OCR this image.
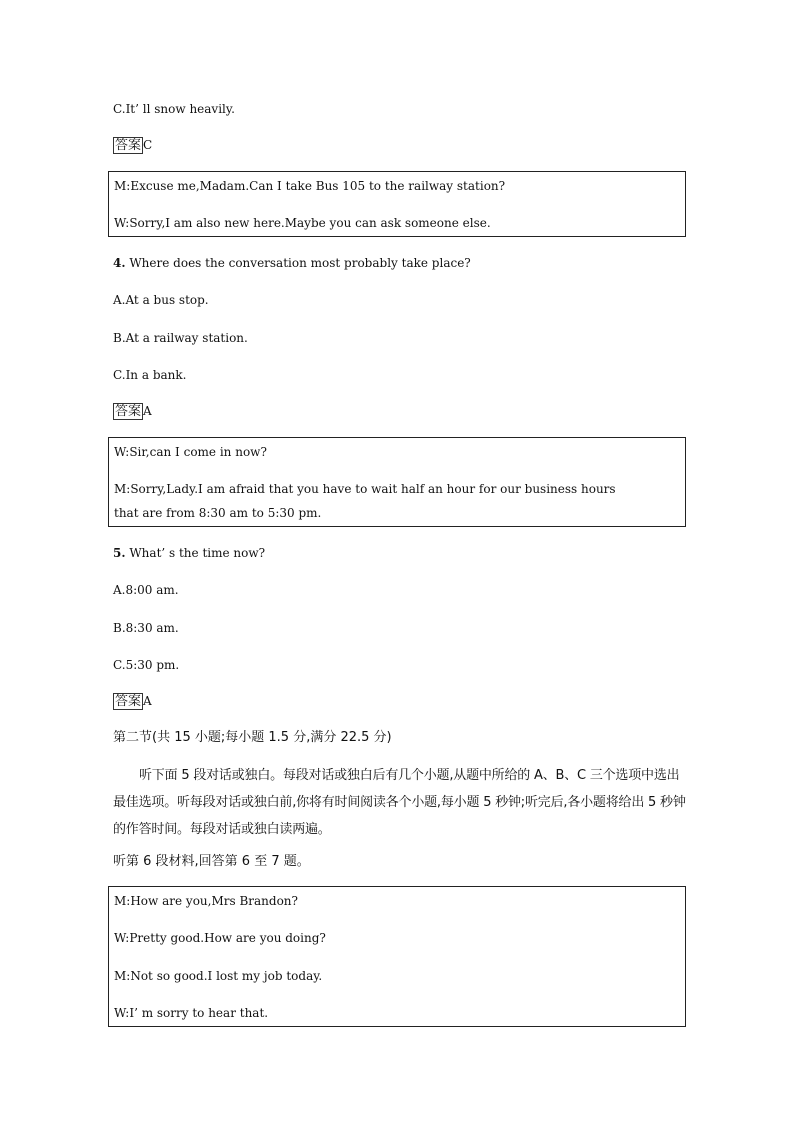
C.It’ ll snow heavily.
答案 C
M:Excuse me,Madam.Can I take Bus 105 to the railway station?
W:Sorry,I am also new here.Maybe you can ask someone else.
4. Where does the conversation most probably take place?
A.At a bus stop.
B.At a railway station.
C.In a bank.
答案 A
W:Sir,can I come in now?
M:Sorry,Lady.I am afraid that you have to wait half an hour for our business hours
that are from 8:30 am to 5:30 pm.
5. What’ s the time now?
A.8:00 am.
B.8:30 am.
C.5:30 pm.
答案 A
第二节(共 15 小题;每小题 1.5 分,满分 22.5 分)
听下面 5 段对话或独白。每段对话或独白后有几个小题,从题中所给的 A、B、C 三个选项中选出最佳选项。听每段对话或独白前,你将有时间阅读各个小题,每小题 5 秒钟;听完后,各小题将给出 5 秒钟的作答时间。每段对话或独白读两遍。
听第 6 段材料,回答第 6 至 7 题。
M:How are you,Mrs Brandon?
W:Pretty good.How are you doing?
M:Not so good.I lost my job today.
W:I’ m sorry to hear that.
